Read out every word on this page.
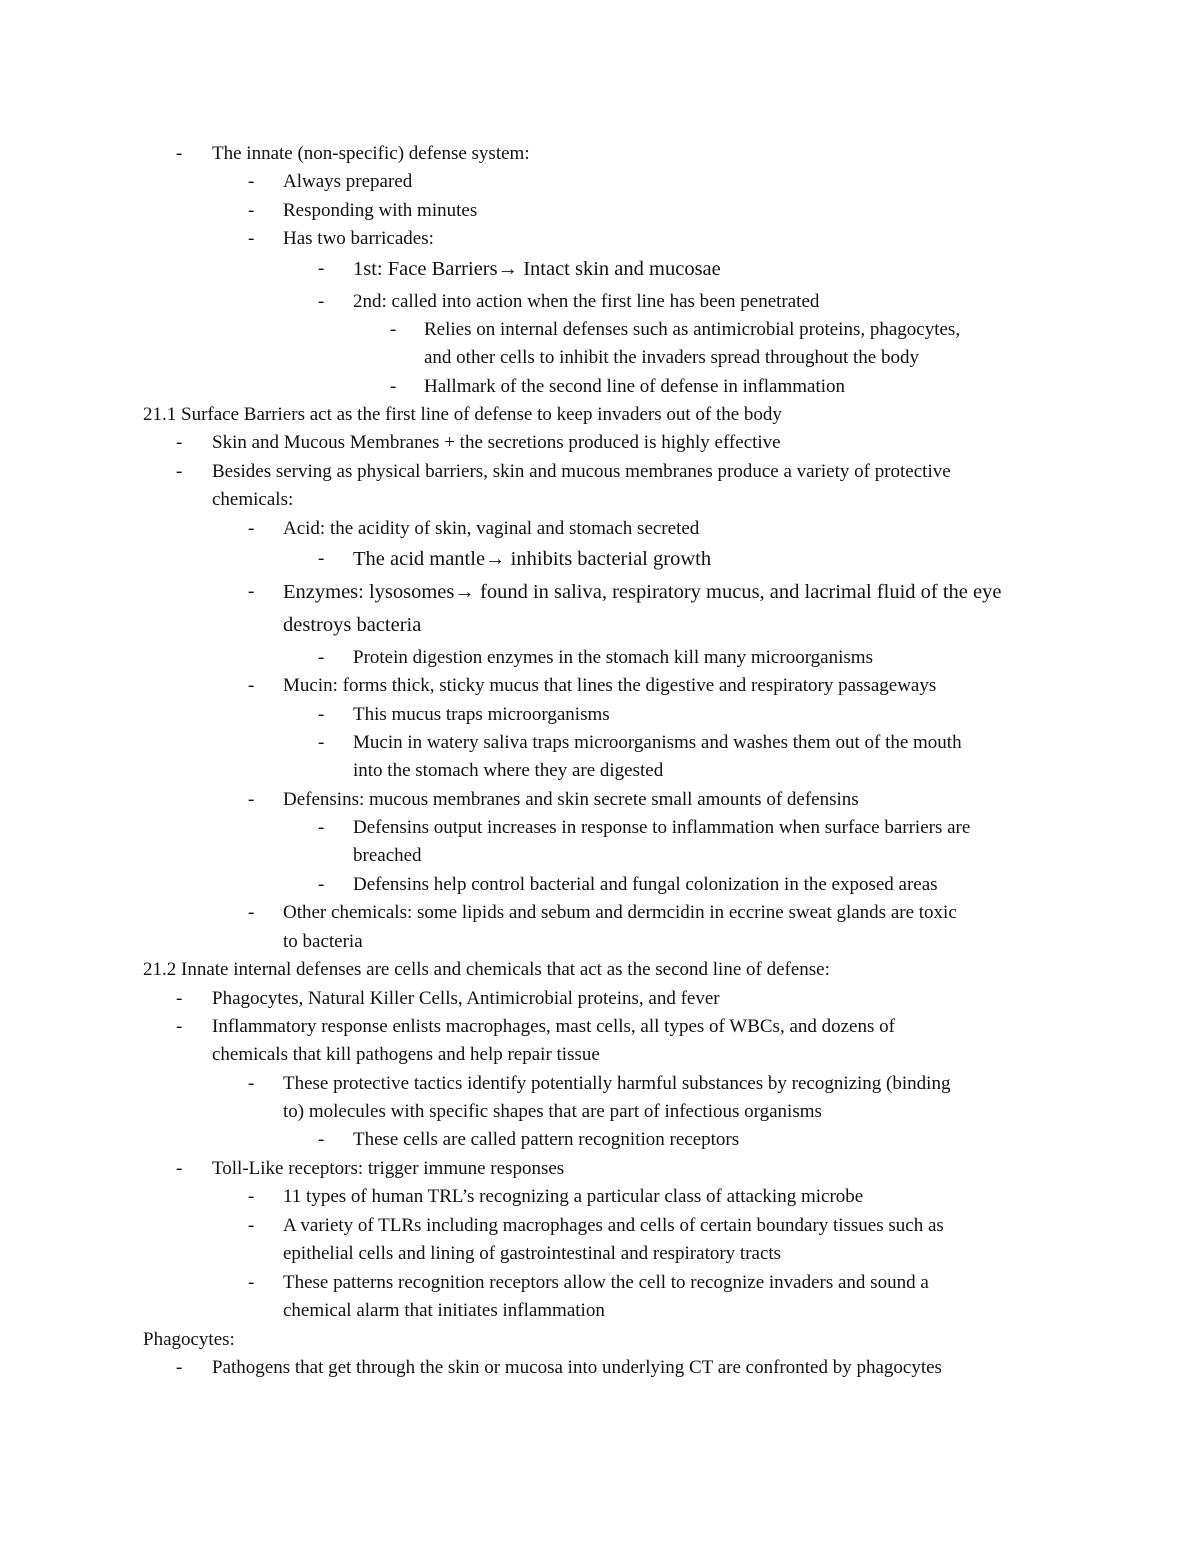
- The innate (non-specific) defense system:
- Always prepared
- Responding with minutes
- Has two barricades:
- 1st: Face Barriers→ Intact skin and mucosae
- 2nd: called into action when the first line has been penetrated
- Relies on internal defenses such as antimicrobial proteins, phagocytes,
and other cells to inhibit the invaders spread throughout the body
- Hallmark of the second line of defense in inflammation
21.1 Surface Barriers act as the first line of defense to keep invaders out of the body
- Skin and Mucous Membranes + the secretions produced is highly effective
- Besides serving as physical barriers, skin and mucous membranes produce a variety of protective
chemicals:
- Acid: the acidity of skin, vaginal and stomach secreted
- The acid mantle→ inhibits bacterial growth
- Enzymes: lysosomes→ found in saliva, respiratory mucus, and lacrimal fluid of the eye
destroys bacteria
- Protein digestion enzymes in the stomach kill many microorganisms
- Mucin: forms thick, sticky mucus that lines the digestive and respiratory passageways
- This mucus traps microorganisms
- Mucin in watery saliva traps microorganisms and washes them out of the mouth
into the stomach where they are digested
- Defensins: mucous membranes and skin secrete small amounts of defensins
- Defensins output increases in response to inflammation when surface barriers are
breached
- Defensins help control bacterial and fungal colonization in the exposed areas
- Other chemicals: some lipids and sebum and dermcidin in eccrine sweat glands are toxic
to bacteria
21.2 Innate internal defenses are cells and chemicals that act as the second line of defense:
- Phagocytes, Natural Killer Cells, Antimicrobial proteins, and fever
- Inflammatory response enlists macrophages, mast cells, all types of WBCs, and dozens of
chemicals that kill pathogens and help repair tissue
- These protective tactics identify potentially harmful substances by recognizing (binding
to) molecules with specific shapes that are part of infectious organisms
- These cells are called pattern recognition receptors
- Toll-Like receptors: trigger immune responses
- 11 types of human TRL’s recognizing a particular class of attacking microbe
- A variety of TLRs including macrophages and cells of certain boundary tissues such as
epithelial cells and lining of gastrointestinal and respiratory tracts
- These patterns recognition receptors allow the cell to recognize invaders and sound a
chemical alarm that initiates inflammation
Phagocytes:
- Pathogens that get through the skin or mucosa into underlying CT are confronted by phagocytes
